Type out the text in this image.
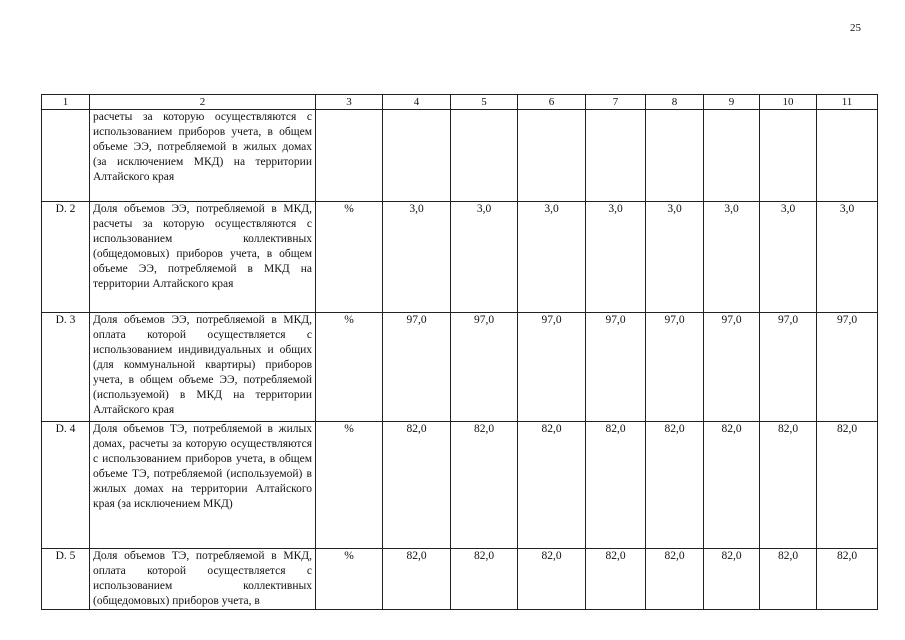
25
1	2	3	4	5	6	7	8	9	10	11
	расчеты за которую осуществляются с использованием приборов учета, в общем объеме ЭЭ, потребляемой в жилых домах (за исключением МКД) на территории Алтайского края									
D. 2	Доля объемов ЭЭ, потребляемой в МКД, расчеты за которую осуществляются с использованием коллективных (общедомовых) приборов учета, в общем объеме ЭЭ, потребляемой в МКД на территории Алтайского края	%	3,0	3,0	3,0	3,0	3,0	3,0	3,0	3,0
D. 3	Доля объемов ЭЭ, потребляемой в МКД, оплата которой осуществляется с использованием индивидуальных и общих (для коммунальной квартиры) приборов учета, в общем объеме ЭЭ, потребляемой (используемой) в МКД на территории Алтайского края	%	97,0	97,0	97,0	97,0	97,0	97,0	97,0	97,0
D. 4	Доля объемов ТЭ, потребляемой в жилых домах, расчеты за которую осуществляются с использованием приборов учета, в общем объеме ТЭ, потребляемой (используемой) в жилых домах на территории Алтайского края (за исключением МКД)	%	82,0	82,0	82,0	82,0	82,0	82,0	82,0	82,0
D. 5	Доля объемов ТЭ, потребляемой в МКД, оплата которой осуществляется с использованием коллективных (общедомовых) приборов учета, в	%	82,0	82,0	82,0	82,0	82,0	82,0	82,0	82,0
